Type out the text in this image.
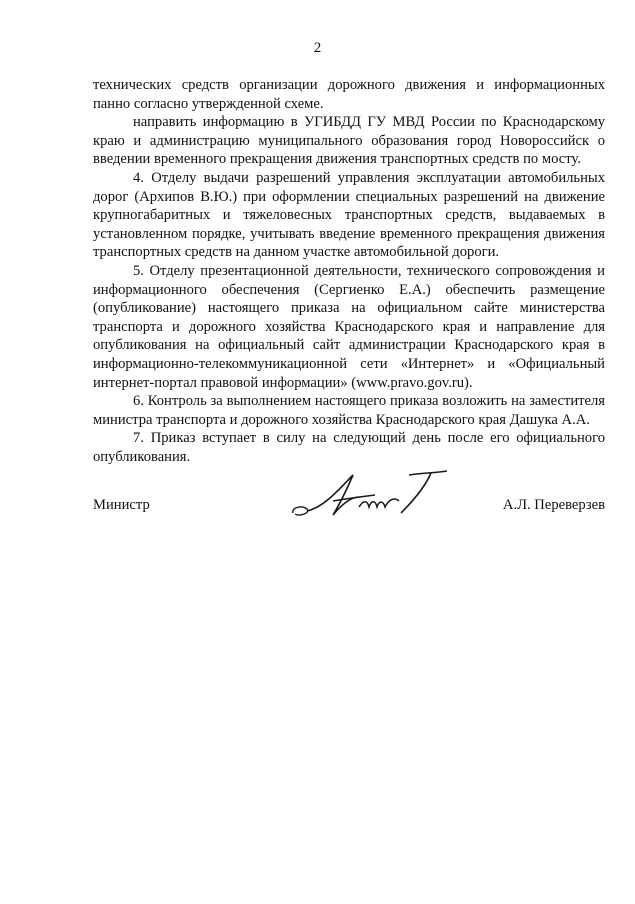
2

технических средств организации дорожного движения и информационных панно согласно утвержденной схеме.

направить информацию в УГИБДД ГУ МВД России по Краснодарскому краю и администрацию муниципального образования город Новороссийск о введении временного прекращения движения транспортных средств по мосту.

4. Отделу выдачи разрешений управления эксплуатации автомобильных дорог (Архипов В.Ю.) при оформлении специальных разрешений на движение крупногабаритных и тяжеловесных транспортных средств, выдаваемых в установленном порядке, учитывать введение временного прекращения движения транспортных средств на данном участке автомобильной дороги.

5. Отделу презентационной деятельности, технического сопровождения и информационного обеспечения (Сергиенко Е.А.) обеспечить размещение (опубликование) настоящего приказа на официальном сайте министерства транспорта и дорожного хозяйства Краснодарского края и направление для опубликования на официальный сайт администрации Краснодарского края в информационно-телекоммуникационной сети «Интернет» и «Официальный интернет-портал правовой информации» (www.pravo.gov.ru).

6. Контроль за выполнением настоящего приказа возложить на заместителя министра транспорта и дорожного хозяйства Краснодарского края Дашука А.А.

7. Приказ вступает в силу на следующий день после его официального опубликования.

Министр	А.Л. Переверзев
